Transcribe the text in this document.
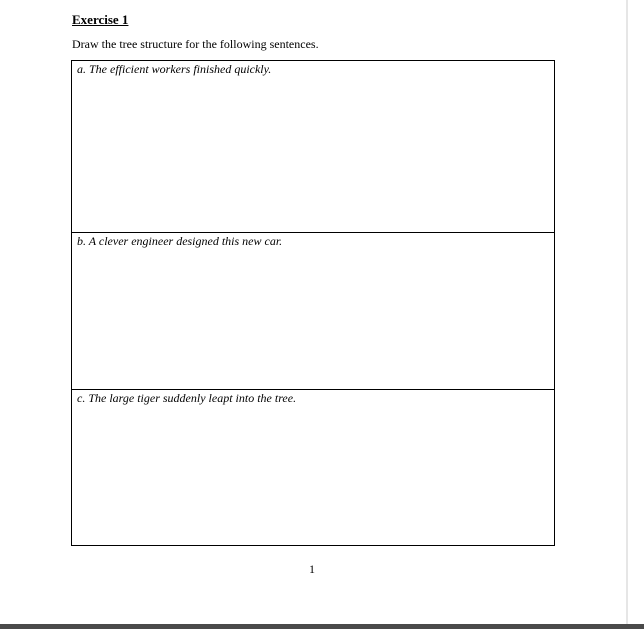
Exercise 1
Draw the tree structure for the following sentences.
a. The efficient workers finished quickly.
b. A clever engineer designed this new car.
c. The large tiger suddenly leapt into the tree.
1
